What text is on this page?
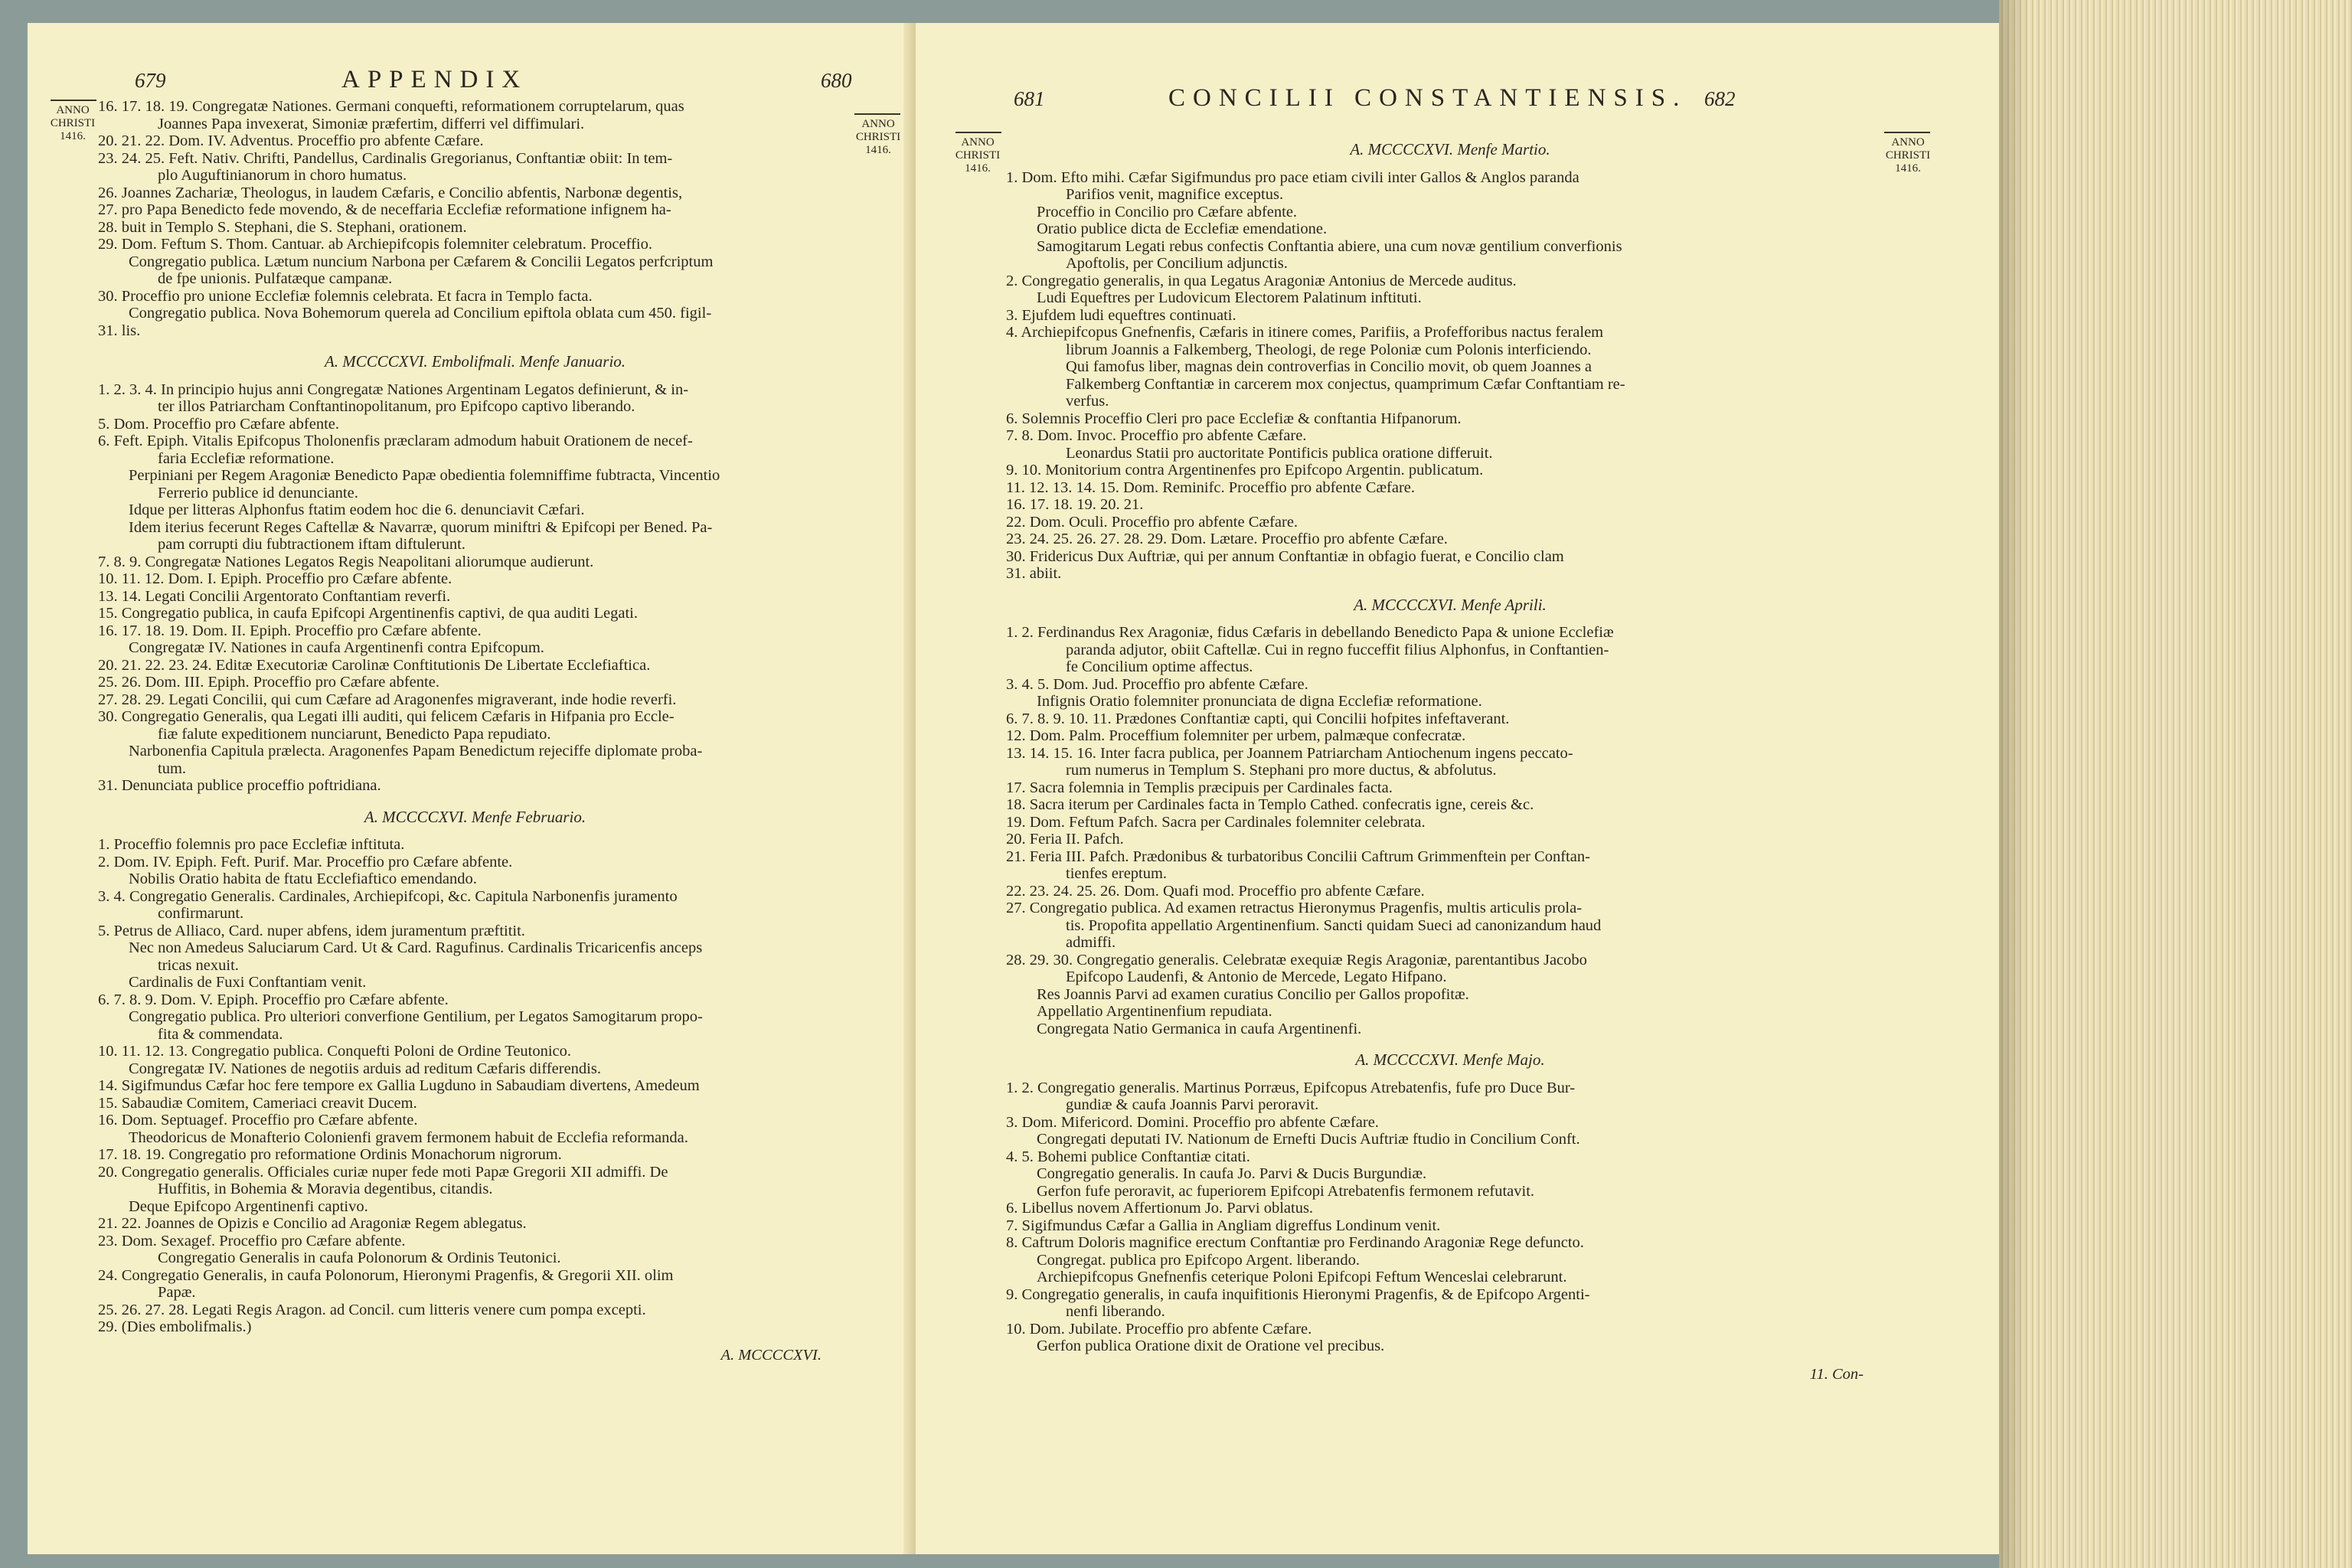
679	APPENDIX	680
ANNO
CHRISTI
1416.
ANNO
CHRISTI
1416.

16. 17. 18. 19. Congregatæ Nationes. Germani conquefti, reformationem corruptelarum, quas

Joannes Papa invexerat, Simoniæ præfertim, differri vel diffimulari.

20. 21. 22. Dom. IV. Adventus. Proceffio pro abfente Cæfare.

23. 24. 25. Feft. Nativ. Chrifti, Pandellus, Cardinalis Gregorianus, Conftantiæ obiit: In tem-

plo Auguftinianorum in choro humatus.

26. Joannes Zachariæ, Theologus, in laudem Cæfaris, e Concilio abfentis, Narbonæ degentis,

27. pro Papa Benedicto fede movendo, & de neceffaria Ecclefiæ reformatione infignem ha-

28. buit in Templo S. Stephani, die S. Stephani, orationem.

29. Dom. Feftum S. Thom. Cantuar. ab Archiepifcopis folemniter celebratum. Proceffio.

Congregatio publica. Lætum nuncium Narbona per Cæfarem & Concilii Legatos perfcriptum

de fpe unionis. Pulfatæque campanæ.

30. Proceffio pro unione Ecclefiæ folemnis celebrata. Et facra in Templo facta.

Congregatio publica. Nova Bohemorum querela ad Concilium epiftola oblata cum 450. figil-

31. lis.

A. MCCCCXVI. Embolifmali. Menfe Januario.

1. 2. 3. 4. In principio hujus anni Congregatæ Nationes Argentinam Legatos definierunt, & in-

ter illos Patriarcham Conftantinopolitanum, pro Epifcopo captivo liberando.

5. Dom. Proceffio pro Cæfare abfente.

6. Feft. Epiph. Vitalis Epifcopus Tholonenfis præclaram admodum habuit Orationem de necef-

faria Ecclefiæ reformatione.

Perpiniani per Regem Aragoniæ Benedicto Papæ obedientia folemniffime fubtracta, Vincentio

Ferrerio publice id denunciante.

Idque per litteras Alphonfus ftatim eodem hoc die 6. denunciavit Cæfari.

Idem iterius fecerunt Reges Caftellæ & Navarræ, quorum miniftri & Epifcopi per Bened. Pa-

pam corrupti diu fubtractionem iftam diftulerunt.

7. 8. 9. Congregatæ Nationes Legatos Regis Neapolitani aliorumque audierunt.

10. 11. 12. Dom. I. Epiph. Proceffio pro Cæfare abfente.

13. 14. Legati Concilii Argentorato Conftantiam reverfi.

15. Congregatio publica, in caufa Epifcopi Argentinenfis captivi, de qua auditi Legati.

16. 17. 18. 19. Dom. II. Epiph. Proceffio pro Cæfare abfente.

Congregatæ IV. Nationes in caufa Argentinenfi contra Epifcopum.

20. 21. 22. 23. 24. Editæ Executoriæ Carolinæ Conftitutionis De Libertate Ecclefiaftica.

25. 26. Dom. III. Epiph. Proceffio pro Cæfare abfente.

27. 28. 29. Legati Concilii, qui cum Cæfare ad Aragonenfes migraverant, inde hodie reverfi.

30. Congregatio Generalis, qua Legati illi auditi, qui felicem Cæfaris in Hifpania pro Eccle-

fiæ falute expeditionem nunciarunt, Benedicto Papa repudiato.

Narbonenfia Capitula prælecta. Aragonenfes Papam Benedictum rejeciffe diplomate proba-

tum.

31. Denunciata publice proceffio poftridiana.

A. MCCCCXVI. Menfe Februario.

1. Proceffio folemnis pro pace Ecclefiæ inftituta.

2. Dom. IV. Epiph. Feft. Purif. Mar. Proceffio pro Cæfare abfente.

Nobilis Oratio habita de ftatu Ecclefiaftico emendando.

3. 4. Congregatio Generalis. Cardinales, Archiepifcopi, &c. Capitula Narbonenfis juramento

confirmarunt.

5. Petrus de Alliaco, Card. nuper abfens, idem juramentum præftitit.

Nec non Amedeus Saluciarum Card. Ut & Card. Ragufinus. Cardinalis Tricaricenfis anceps

tricas nexuit.

Cardinalis de Fuxi Conftantiam venit.

6. 7. 8. 9. Dom. V. Epiph. Proceffio pro Cæfare abfente.

Congregatio publica. Pro ulteriori converfione Gentilium, per Legatos Samogitarum propo-

fita & commendata.

10. 11. 12. 13. Congregatio publica. Conquefti Poloni de Ordine Teutonico.

Congregatæ IV. Nationes de negotiis arduis ad reditum Cæfaris differendis.

14. Sigifmundus Cæfar hoc fere tempore ex Gallia Lugduno in Sabaudiam divertens, Amedeum

15. Sabaudiæ Comitem, Cameriaci creavit Ducem.

16. Dom. Septuagef. Proceffio pro Cæfare abfente.

Theodoricus de Monafterio Colonienfi gravem fermonem habuit de Ecclefia reformanda.

17. 18. 19. Congregatio pro reformatione Ordinis Monachorum nigrorum.

20. Congregatio generalis. Officiales curiæ nuper fede moti Papæ Gregorii XII admiffi. De

Huffitis, in Bohemia & Moravia degentibus, citandis.

Deque Epifcopo Argentinenfi captivo.

21. 22. Joannes de Opizis e Concilio ad Aragoniæ Regem ablegatus.

23. Dom. Sexagef. Proceffio pro Cæfare abfente.

Congregatio Generalis in caufa Polonorum & Ordinis Teutonici.

24. Congregatio Generalis, in caufa Polonorum, Hieronymi Pragenfis, & Gregorii XII. olim

Papæ.

25. 26. 27. 28. Legati Regis Aragon. ad Concil. cum litteris venere cum pompa excepti.

29. (Dies embolifmalis.)

A. MCCCCXVI.

681	CONCILII CONSTANTIENSIS. 682
ANNO
CHRISTI
1416.
ANNO
CHRISTI
1416.
A. MCCCCXVI. Menfe Martio.

1. Dom. Efto mihi. Cæfar Sigifmundus pro pace etiam civili inter Gallos & Anglos paranda

Parifios venit, magnifice exceptus.

Proceffio in Concilio pro Cæfare abfente.

Oratio publice dicta de Ecclefiæ emendatione.

Samogitarum Legati rebus confectis Conftantia abiere, una cum novæ gentilium converfionis

Apoftolis, per Concilium adjunctis.

2. Congregatio generalis, in qua Legatus Aragoniæ Antonius de Mercede auditus.

Ludi Equeftres per Ludovicum Electorem Palatinum inftituti.

3. Ejufdem ludi equeftres continuati.

4. Archiepifcopus Gnefnenfis, Cæfaris in itinere comes, Parifiis, a Profefforibus nactus feralem

librum Joannis a Falkemberg, Theologi, de rege Poloniæ cum Polonis interficiendo.

Qui famofus liber, magnas dein controverfias in Concilio movit, ob quem Joannes a

Falkemberg Conftantiæ in carcerem mox conjectus, quamprimum Cæfar Conftantiam re-

verfus.

6. Solemnis Proceffio Cleri pro pace Ecclefiæ & conftantia Hifpanorum.

7. 8. Dom. Invoc. Proceffio pro abfente Cæfare.

Leonardus Statii pro auctoritate Pontificis publica oratione differuit.

9. 10. Monitorium contra Argentinenfes pro Epifcopo Argentin. publicatum.

11. 12. 13. 14. 15. Dom. Reminifc. Proceffio pro abfente Cæfare.

16. 17. 18. 19. 20. 21.

22. Dom. Oculi. Proceffio pro abfente Cæfare.

23. 24. 25. 26. 27. 28. 29. Dom. Lætare. Proceffio pro abfente Cæfare.

30. Fridericus Dux Auftriæ, qui per annum Conftantiæ in obfagio fuerat, e Concilio clam

31. abiit.

A. MCCCCXVI. Menfe Aprili.

1. 2. Ferdinandus Rex Aragoniæ, fidus Cæfaris in debellando Benedicto Papa & unione Ecclefiæ

paranda adjutor, obiit Caftellæ. Cui in regno fucceffit filius Alphonfus, in Conftantien-

fe Concilium optime affectus.

3. 4. 5. Dom. Jud. Proceffio pro abfente Cæfare.

Infignis Oratio folemniter pronunciata de digna Ecclefiæ reformatione.

6. 7. 8. 9. 10. 11. Prædones Conftantiæ capti, qui Concilii hofpites infeftaverant.

12. Dom. Palm. Proceffium folemniter per urbem, palmæque confecratæ.

13. 14. 15. 16. Inter facra publica, per Joannem Patriarcham Antiochenum ingens peccato-

rum numerus in Templum S. Stephani pro more ductus, & abfolutus.

17. Sacra folemnia in Templis præcipuis per Cardinales facta.

18. Sacra iterum per Cardinales facta in Templo Cathed. confecratis igne, cereis &c.

19. Dom. Feftum Pafch. Sacra per Cardinales folemniter celebrata.

20. Feria II. Pafch.

21. Feria III. Pafch. Prædonibus & turbatoribus Concilii Caftrum Grimmenftein per Conftan-

tienfes ereptum.

22. 23. 24. 25. 26. Dom. Quafi mod. Proceffio pro abfente Cæfare.

27. Congregatio publica. Ad examen retractus Hieronymus Pragenfis, multis articulis prola-

tis. Propofita appellatio Argentinenfium. Sancti quidam Sueci ad canonizandum haud

admiffi.

28. 29. 30. Congregatio generalis. Celebratæ exequiæ Regis Aragoniæ, parentantibus Jacobo

Epifcopo Laudenfi, & Antonio de Mercede, Legato Hifpano.

Res Joannis Parvi ad examen curatius Concilio per Gallos propofitæ.

Appellatio Argentinenfium repudiata.

Congregata Natio Germanica in caufa Argentinenfi.

A. MCCCCXVI. Menfe Majo.

1. 2. Congregatio generalis. Martinus Porræus, Epifcopus Atrebatenfis, fufe pro Duce Bur-

gundiæ & caufa Joannis Parvi peroravit.

3. Dom. Mifericord. Domini. Proceffio pro abfente Cæfare.

Congregati deputati IV. Nationum de Ernefti Ducis Auftriæ ftudio in Concilium Conft.

4. 5. Bohemi publice Conftantiæ citati.

Congregatio generalis. In caufa Jo. Parvi & Ducis Burgundiæ.

Gerfon fufe peroravit, ac fuperiorem Epifcopi Atrebatenfis fermonem refutavit.

6. Libellus novem Affertionum Jo. Parvi oblatus.

7. Sigifmundus Cæfar a Gallia in Angliam digreffus Londinum venit.

8. Caftrum Doloris magnifice erectum Conftantiæ pro Ferdinando Aragoniæ Rege defuncto.

Congregat. publica pro Epifcopo Argent. liberando.

Archiepifcopus Gnefnenfis ceterique Poloni Epifcopi Feftum Wenceslai celebrarunt.

9. Congregatio generalis, in caufa inquifitionis Hieronymi Pragenfis, & de Epifcopo Argenti-

nenfi liberando.

10. Dom. Jubilate. Proceffio pro abfente Cæfare.

Gerfon publica Oratione dixit de Oratione vel precibus.

11. Con-
